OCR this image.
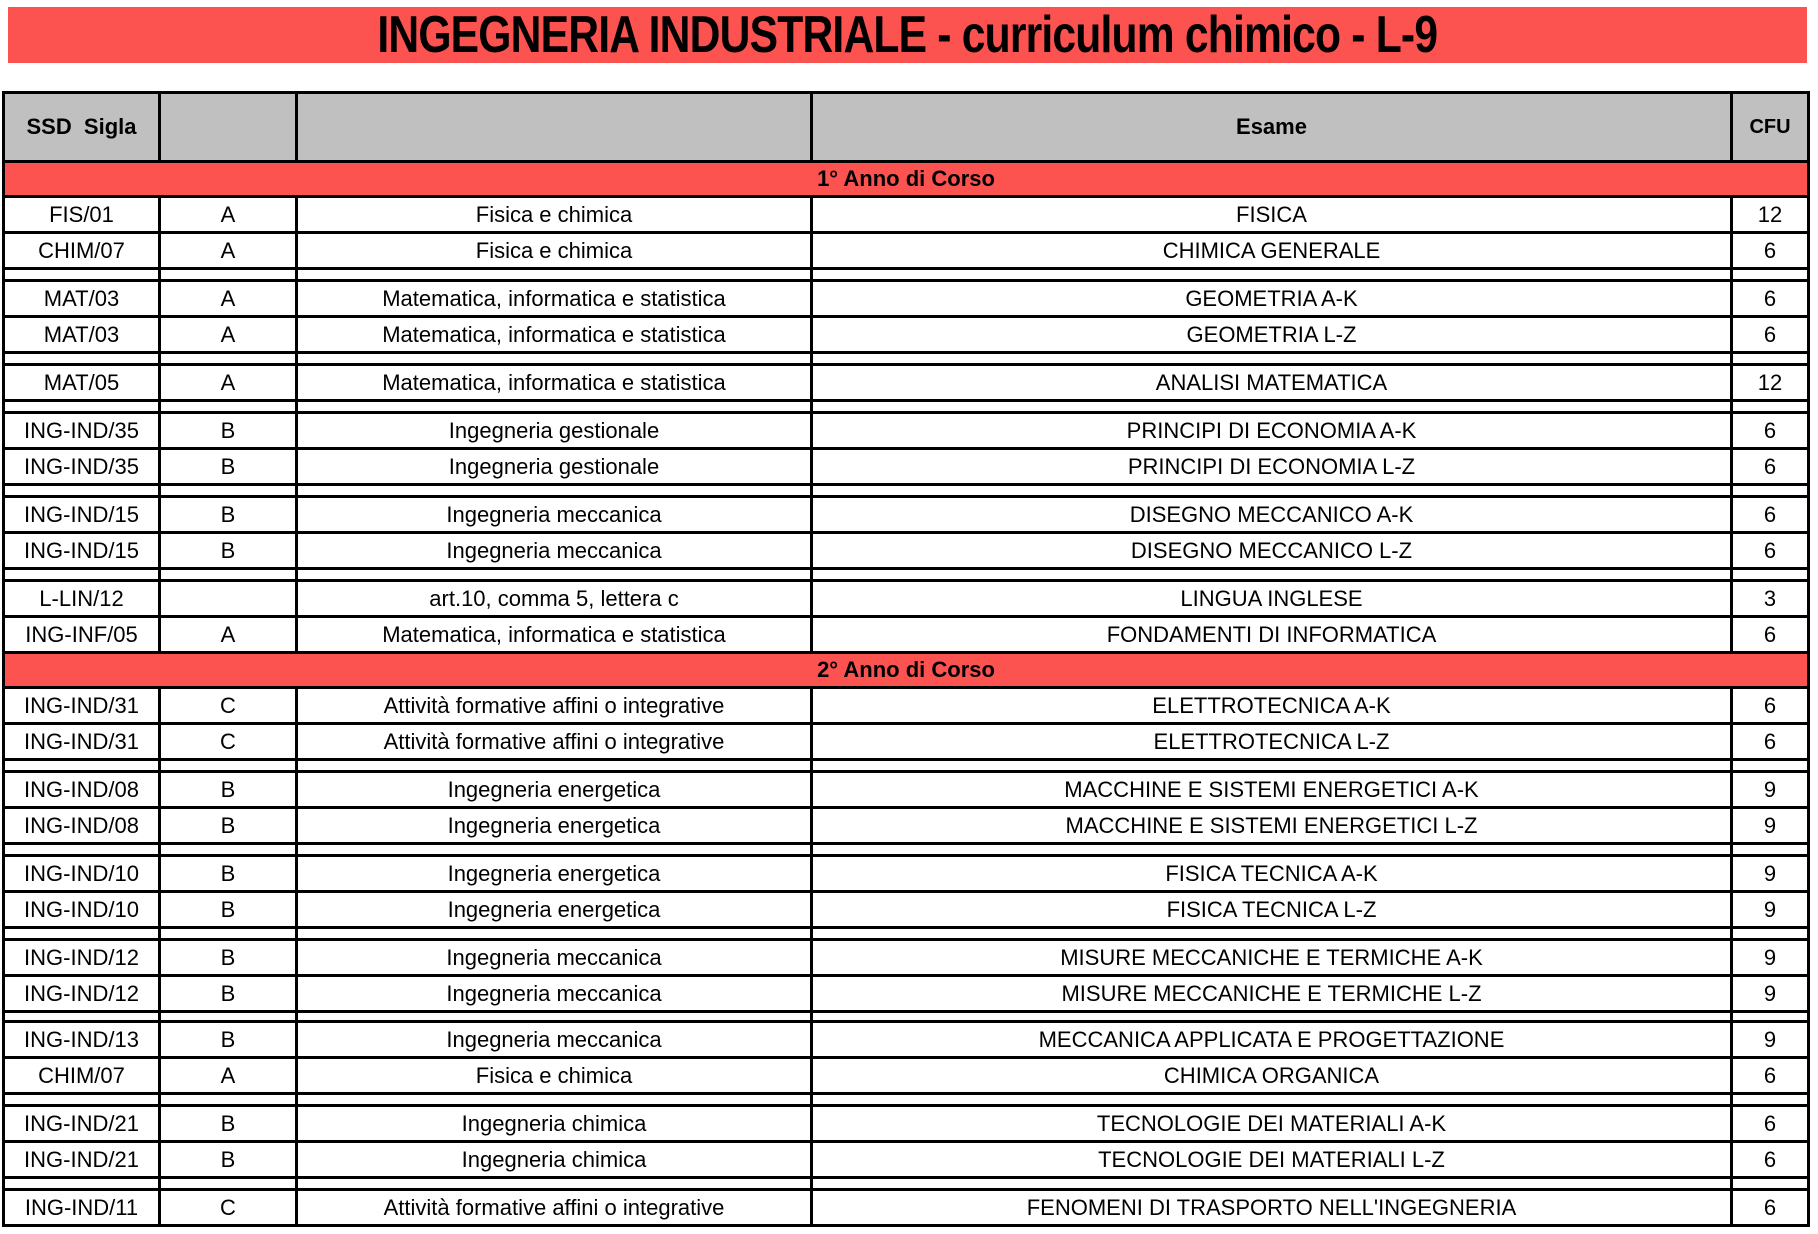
INGEGNERIA INDUSTRIALE - curriculum chimico - L-9
SSD  Sigla			Esame	CFU
1° Anno di Corso				
FIS/01	A	Fisica e chimica	FISICA	12
CHIM/07	A	Fisica e chimica	CHIMICA GENERALE	6

MAT/03	A	Matematica, informatica e statistica	GEOMETRIA A-K	6
MAT/03	A	Matematica, informatica e statistica	GEOMETRIA L-Z	6

MAT/05	A	Matematica, informatica e statistica	ANALISI MATEMATICA	12

ING-IND/35	B	Ingegneria gestionale	PRINCIPI DI ECONOMIA A-K	6
ING-IND/35	B	Ingegneria gestionale	PRINCIPI DI ECONOMIA L-Z	6

ING-IND/15	B	Ingegneria meccanica	DISEGNO MECCANICO A-K	6
ING-IND/15	B	Ingegneria meccanica	DISEGNO MECCANICO L-Z	6

L-LIN/12		art.10, comma 5, lettera c	LINGUA INGLESE	3
ING-INF/05	A	Matematica, informatica e statistica	FONDAMENTI DI INFORMATICA	6
2° Anno di Corso				
ING-IND/31	C	Attività formative affini o integrative	ELETTROTECNICA A-K	6
ING-IND/31	C	Attività formative affini o integrative	ELETTROTECNICA L-Z	6

ING-IND/08	B	Ingegneria energetica	MACCHINE E SISTEMI ENERGETICI A-K	9
ING-IND/08	B	Ingegneria energetica	MACCHINE E SISTEMI ENERGETICI L-Z	9

ING-IND/10	B	Ingegneria energetica	FISICA TECNICA A-K	9
ING-IND/10	B	Ingegneria energetica	FISICA TECNICA L-Z	9

ING-IND/12	B	Ingegneria meccanica	MISURE MECCANICHE E TERMICHE A-K	9
ING-IND/12	B	Ingegneria meccanica	MISURE MECCANICHE E TERMICHE L-Z	9

ING-IND/13	B	Ingegneria meccanica	MECCANICA APPLICATA E PROGETTAZIONE	9
CHIM/07	A	Fisica e chimica	CHIMICA ORGANICA	6

ING-IND/21	B	Ingegneria chimica	TECNOLOGIE DEI MATERIALI A-K	6
ING-IND/21	B	Ingegneria chimica	TECNOLOGIE DEI MATERIALI L-Z	6

ING-IND/11	C	Attività formative affini o integrative	FENOMENI DI TRASPORTO NELL'INGEGNERIA	6
